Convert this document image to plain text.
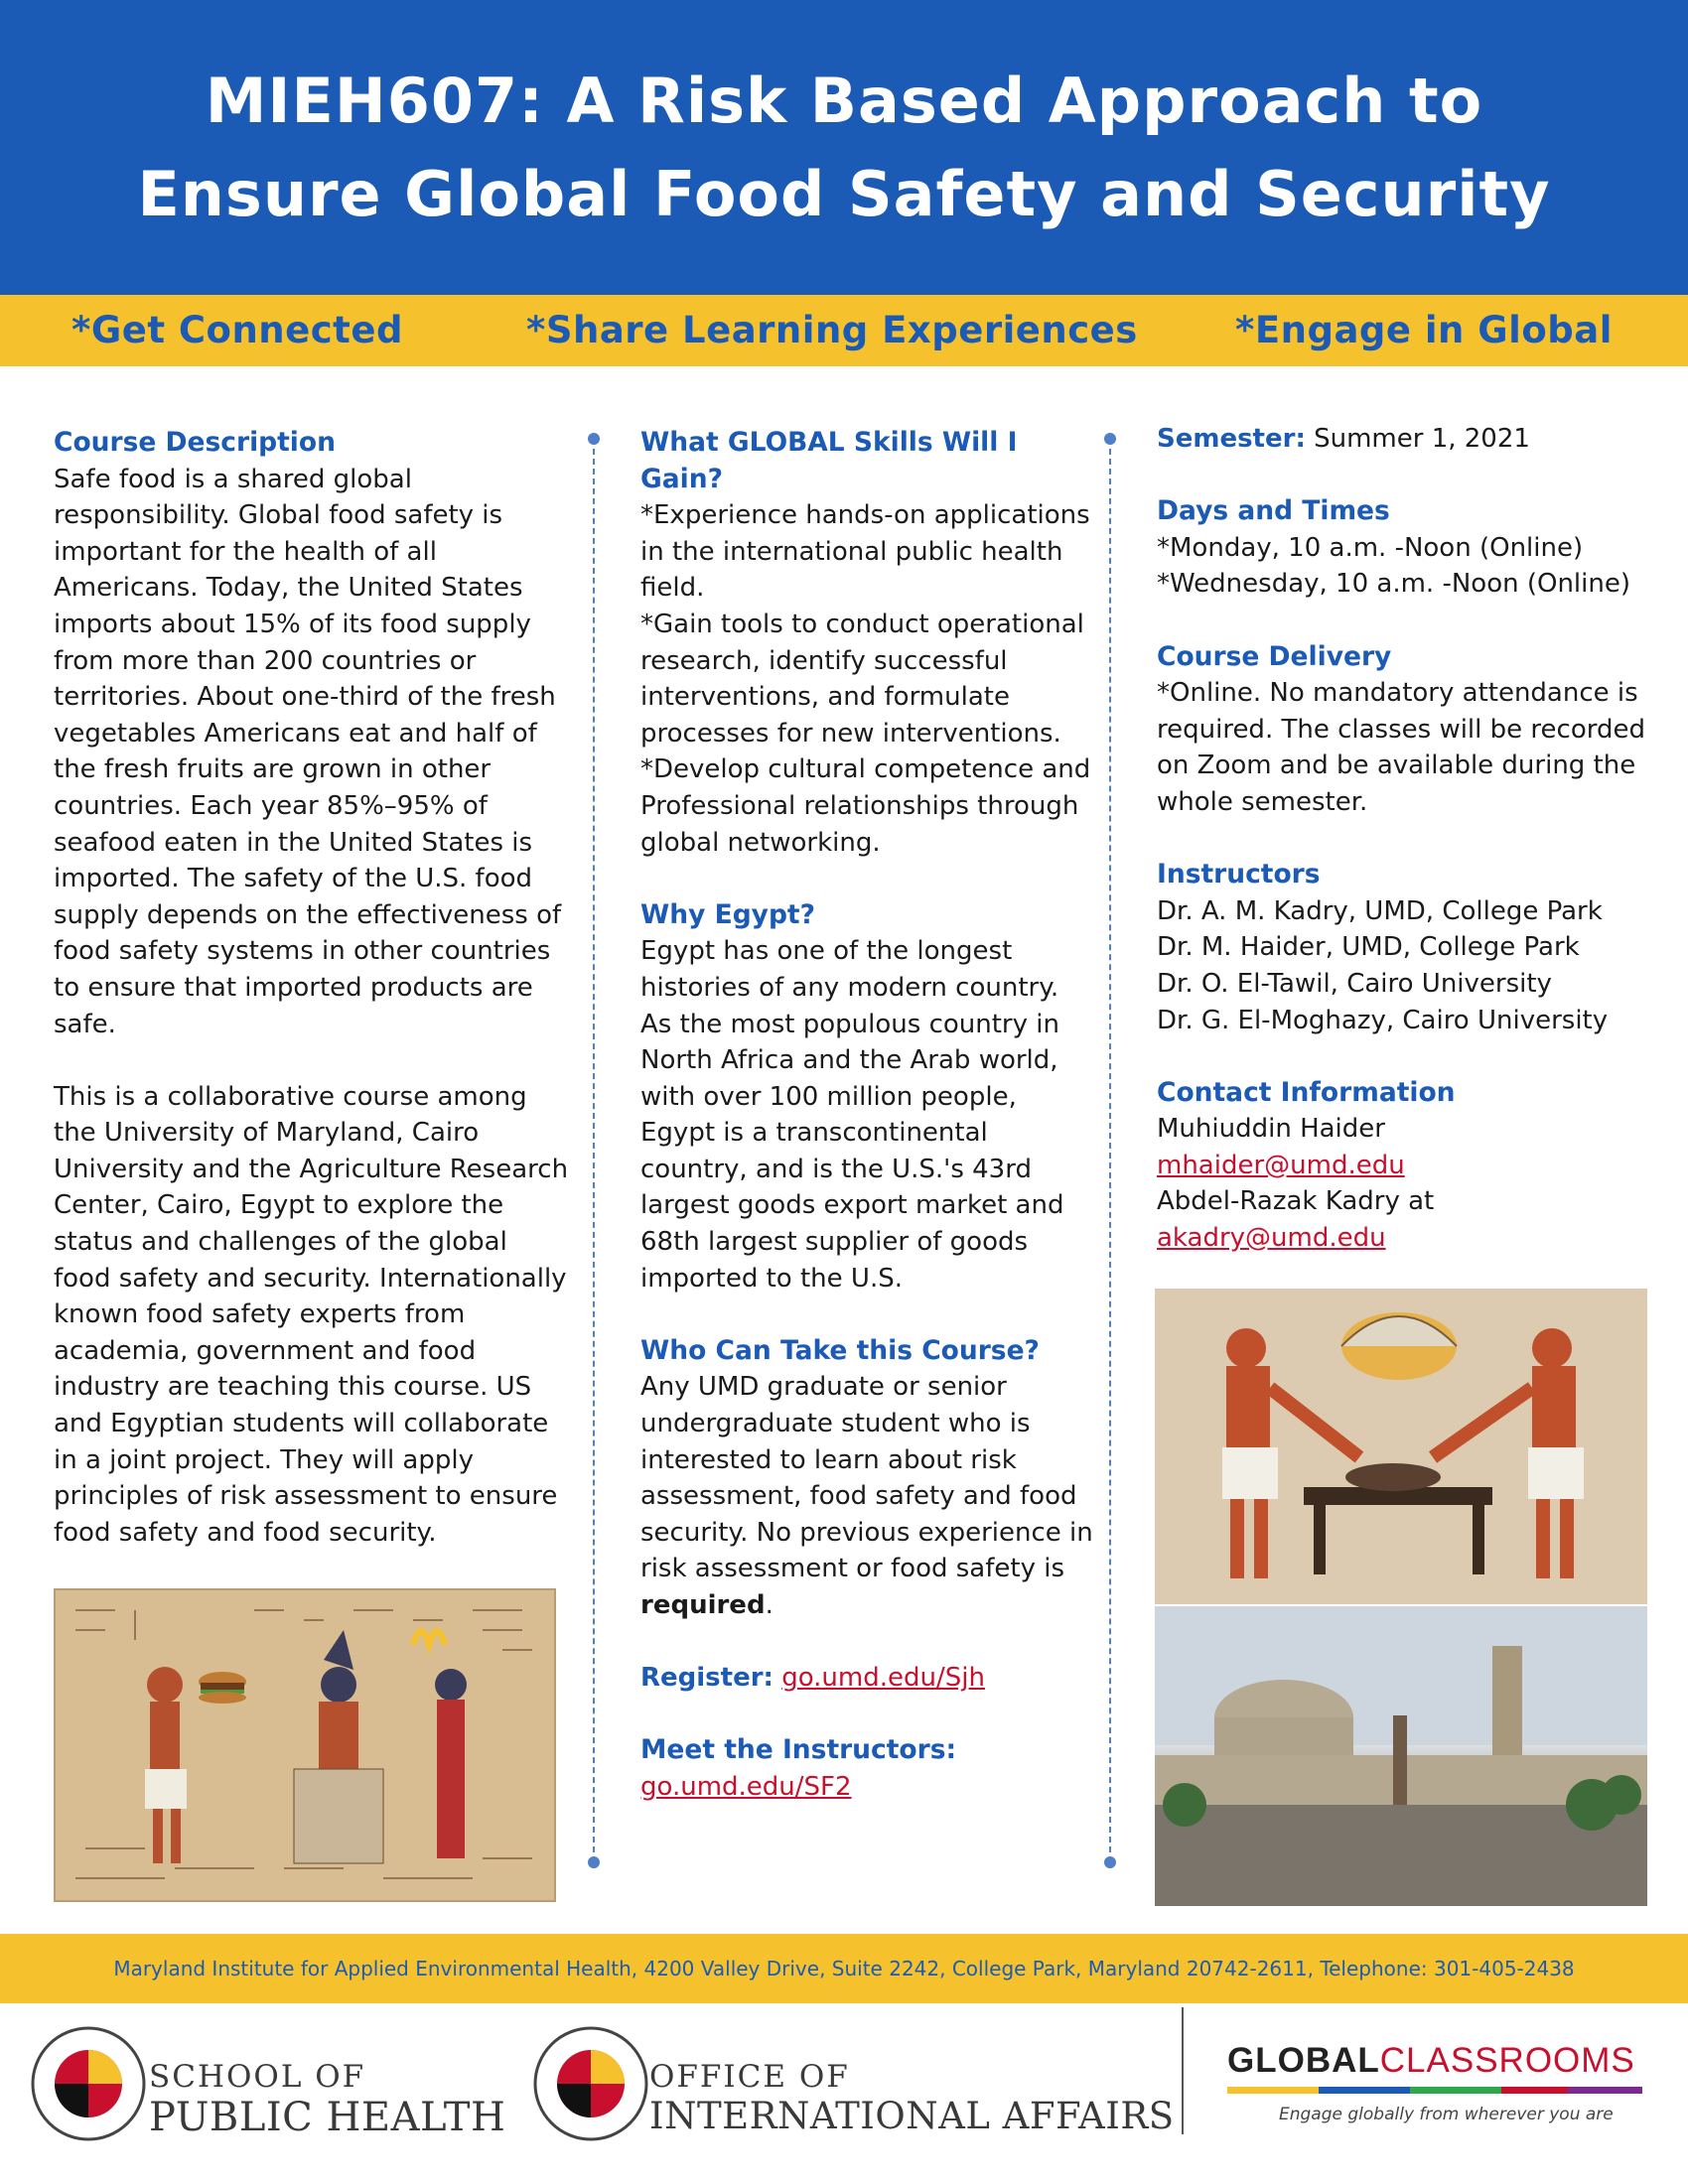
MIEH607: A Risk Based Approach to
Ensure Global Food Safety and Security
*Get Connected	*Share Learning Experiences	*Engage in Global
Course Description
Safe food is a shared global responsibility. Global food safety is important for the health of all Americans. Today, the United States imports about 15% of its food supply from more than 200 countries or territories. About one-third of the fresh vegetables Americans eat and half of the fresh fruits are grown in other countries. Each year 85%–95% of seafood eaten in the United States is imported. The safety of the U.S. food supply depends on the effectiveness of food safety systems in other countries to ensure that imported products are safe.
This is a collaborative course among the University of Maryland, Cairo University and the Agriculture Research Center, Cairo, Egypt to explore the status and challenges of the global food safety and security. Internationally known food safety experts from academia, government and food industry are teaching this course. US and Egyptian students will collaborate in a joint project. They will apply principles of risk assessment to ensure food safety and food security.
What GLOBAL Skills Will I Gain?
*Experience hands-on applications in the international public health field.
*Gain tools to conduct operational research, identify successful interventions, and formulate processes for new interventions.
*Develop cultural competence and Professional relationships through global networking.
Why Egypt?
Egypt has one of the longest histories of any modern country. As the most populous country in North Africa and the Arab world, with over 100 million people, Egypt is a transcontinental country, and is the U.S.'s 43rd largest goods export market and 68th largest supplier of goods imported to the U.S.
Who Can Take this Course?
Any UMD graduate or senior undergraduate student who is interested to learn about risk assessment, food safety and food security. No previous experience in risk assessment or food safety is required.
Register: go.umd.edu/Sjh
Meet the Instructors:
go.umd.edu/SF2
Semester: Summer 1, 2021
Days and Times
*Monday, 10 a.m. -Noon (Online)
*Wednesday, 10 a.m. -Noon (Online)
Course Delivery
*Online. No mandatory attendance is required. The classes will be recorded on Zoom and be available during the whole semester.
Instructors
Dr. A. M. Kadry, UMD, College Park
Dr. M. Haider, UMD, College Park
Dr. O. El-Tawil, Cairo University
Dr. G. El-Moghazy, Cairo University
Contact Information
Muhiuddin Haider
mhaider@umd.edu
Abdel-Razak Kadry at
akadry@umd.edu
Maryland Institute for Applied Environmental Health, 4200 Valley Drive, Suite 2242, College Park, Maryland 20742-2611, Telephone: 301-405-2438
SCHOOL OF
PUBLIC HEALTH
OFFICE OF
INTERNATIONAL AFFAIRS
GLOBALCLASSROOMS
Engage globally from wherever you are
